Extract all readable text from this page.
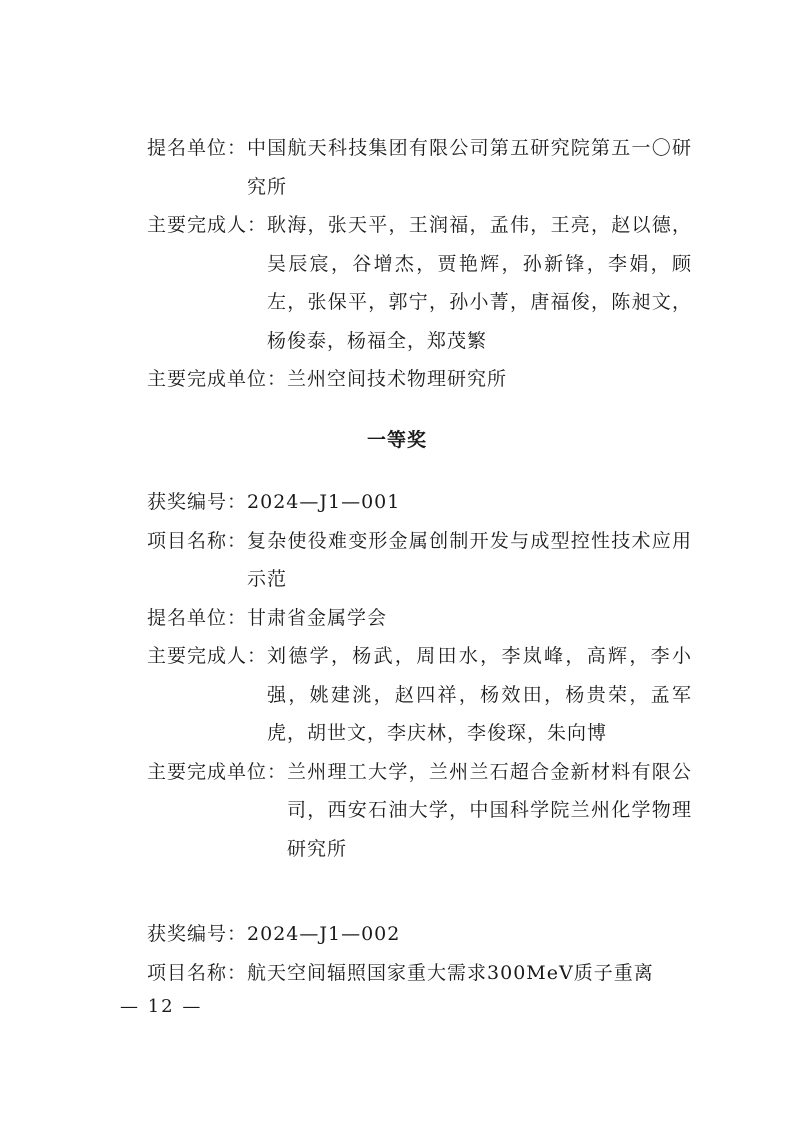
提名单位： 中国航天科技集团有限公司第五研究院第五一〇研究所
主要完成人： 耿海，张天平，王润福，孟伟，王亮，赵以德，吴辰宸，谷增杰，贾艳辉，孙新锋，李娟，顾左，张保平，郭宁，孙小菁，唐福俊，陈昶文，杨俊泰，杨福全，郑茂繁
主要完成单位： 兰州空间技术物理研究所
一等奖
获奖编号： 2024—J1—001
项目名称： 复杂使役难变形金属创制开发与成型控性技术应用示范
提名单位： 甘肃省金属学会
主要完成人： 刘德学，杨武，周田水，李岚峰，高辉，李小强，姚建洮，赵四祥，杨效田，杨贵荣，孟军虎，胡世文，李庆林，李俊琛，朱向博
主要完成单位： 兰州理工大学，兰州兰石超合金新材料有限公司，西安石油大学，中国科学院兰州化学物理研究所
获奖编号： 2024—J1—002
项目名称： 航天空间辐照国家重大需求300MeV质子重离
— 12 —
